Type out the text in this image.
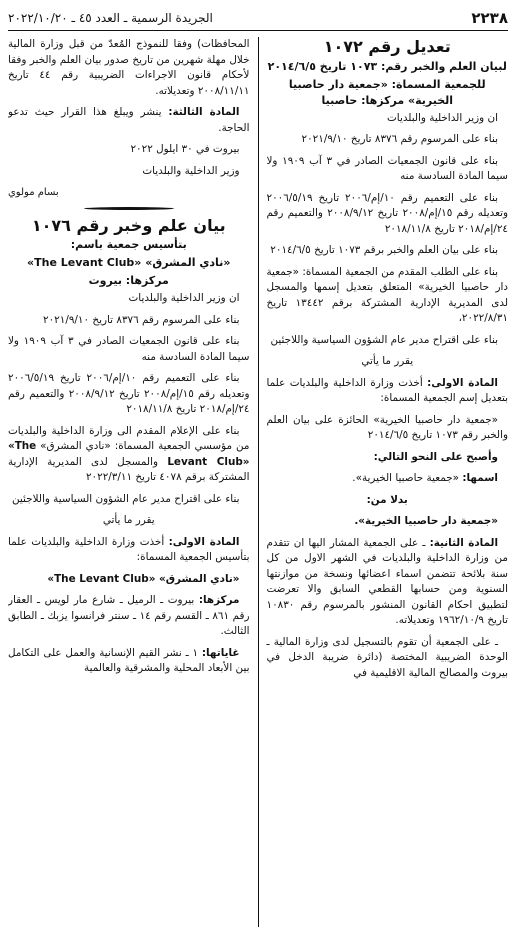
٢٢٣٨
الجريدة الرسمية ـ العدد ٤٥ ـ ٢٠٢٢/١٠/٢٠
تعديل رقم ١٠٧٢
لبيان العلم والخبر رقم: ١٠٧٣ تاريخ ٢٠١٤/٦/٥
للجمعية المسماة: «جمعية دار حاصبيا الخيرية» مركزها: حاصبيا

ان وزير الداخلية والبلديات

بناء على المرسوم رقم ٨٣٧٦ تاريخ ٢٠٢١/٩/١٠

بناء على قانون الجمعيات الصادر في ٣ آب ١٩٠٩ ولا سيما المادة السادسة منه

بناء على التعميم رقم ١٠/إم/٢٠٠٦ تاريخ ٢٠٠٦/٥/١٩ وتعديله رقم ١٥/إم/٢٠٠٨ تاريخ ٢٠٠٨/٩/١٢ والتعميم رقم ٢٤/إم/٢٠١٨ تاريخ ٢٠١٨/١١/٨

بناء على بيان العلم والخبر برقم ١٠٧٣ تاريخ ٢٠١٤/٦/٥

بناء على الطلب المقدم من الجمعية المسماة: «جمعية دار حاصبيا الخيرية» المتعلق بتعديل إسمها والمسجل لدى المديرية الإدارية المشتركة برقم ١٣٤٤٢ تاريخ ٢٠٢٢/٨/٣١،

بناء على اقتراح مدير عام الشؤون السياسية واللاجئين

يقرر ما يأتي

المادة الاولى: أخذت وزارة الداخلية والبلديات علما بتعديل إسم الجمعية المسماة:

«جمعية دار حاصبيا الخيرية» الحائزة على بيان العلم والخبر رقم ١٠٧٣ تاريخ ٢٠١٤/٦/٥

وأصبح على النحو التالي:

اسمها: «جمعية حاصبيا الخيرية».

بدلا من:

«جمعية دار حاصبيا الخيرية».

المادة الثانية: ـ على الجمعية المشار اليها ان تتقدم من وزارة الداخلية والبلديات في الشهر الاول من كل سنة بلائحة تتضمن اسماء اعضائها ونسخة من موازنتها السنوية ومن حسابها القطعي السابق والا تعرضت لتطبيق احكام القانون المنشور بالمرسوم رقم ١٠٨٣٠ تاريخ ١٩٦٢/١٠/٩ وتعديلاته.

ـ على الجمعية أن تقوم بالتسجيل لدى وزارة المالية ـ الوحدة الضريبية المختصة (دائرة ضريبة الدخل في بيروت والمصالح المالية الاقليمية في

المحافظات) وفقا للنموذج المُعدّ من قبل وزارة المالية خلال مهلة شهرين من تاريخ صدور بيان العلم والخبر وفقا لأحكام قانون الاجراءات الضريبية رقم ٤٤ تاريخ ٢٠٠٨/١١/١١ وتعديلاته.

المادة الثالثة: ينشر ويبلغ هذا القرار حيث تدعو الحاجة.

بيروت في ٣٠ ايلول ٢٠٢٢

وزير الداخلية والبلديات

بسام مولوي
بيان علم وخبر رقم ١٠٧٦
بتأسيس جمعية باسم:
«نادي المشرق» «The Levant Club»
مركزها: بيروت

ان وزير الداخلية والبلديات

بناء على المرسوم رقم ٨٣٧٦ تاريخ ٢٠٢١/٩/١٠

بناء على قانون الجمعيات الصادر في ٣ آب ١٩٠٩ ولا سيما المادة السادسة منه

بناء على التعميم رقم ١٠/إم/٢٠٠٦ تاريخ ٢٠٠٦/٥/١٩ وتعديله رقم ١٥/إم/٢٠٠٨ تاريخ ٢٠٠٨/٩/١٢ والتعميم رقم ٢٤/إم/٢٠١٨ تاريخ ٢٠١٨/١١/٨

بناء على الإعلام المقدم الى وزارة الداخلية والبلديات من مؤسسي الجمعية المسماة: «نادي المشرق» «The Levant Club» والمسجل لدى المديرية الإدارية المشتركة برقم ٤٠٧٨ تاريخ ٢٠٢٢/٣/١١

بناء على اقتراح مدير عام الشؤون السياسية واللاجئين

يقرر ما يأتي

المادة الاولى: أخذت وزارة الداخلية والبلديات علما بتأسيس الجمعية المسماة:

«نادي المشرق» «The Levant Club»

مركزها: بيروت ـ الرميل ـ شارع مار لويس ـ العقار رقم ٨٦١ ـ القسم رقم ١٤ ـ سنتر فرانسوا يزبك ـ الطابق الثالث.

غاياتها: ١ ـ نشر القيم الإنسانية والعمل على التكامل بين الأبعاد المحلية والمشرقية والعالمية
